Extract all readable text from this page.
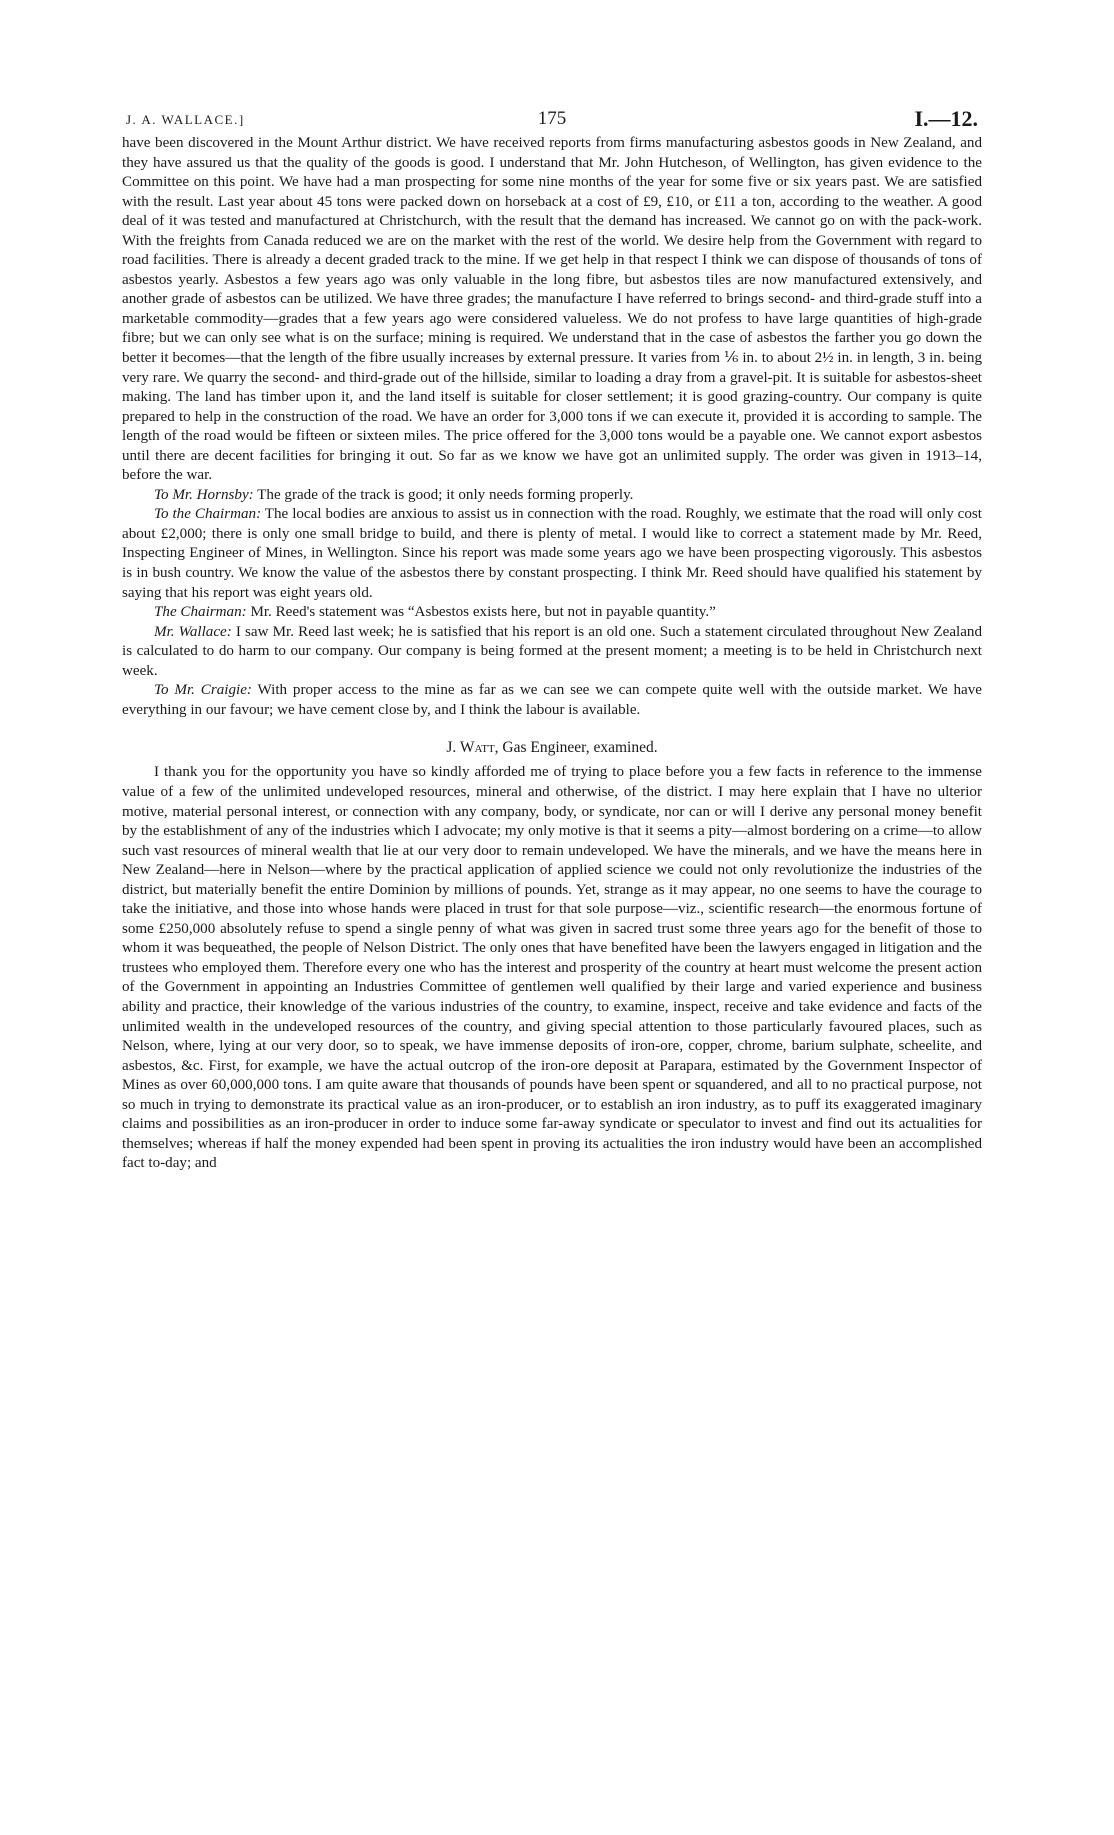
J. A. WALLACE.]	175	I.—12.

have been discovered in the Mount Arthur district. We have received reports from firms manufacturing asbestos goods in New Zealand, and they have assured us that the quality of the goods is good. I understand that Mr. John Hutcheson, of Wellington, has given evidence to the Committee on this point. We have had a man prospecting for some nine months of the year for some five or six years past. We are satisfied with the result. Last year about 45 tons were packed down on horseback at a cost of £9, £10, or £11 a ton, according to the weather. A good deal of it was tested and manufactured at Christchurch, with the result that the demand has increased. We cannot go on with the pack-work. With the freights from Canada reduced we are on the market with the rest of the world. We desire help from the Government with regard to road facilities. There is already a decent graded track to the mine. If we get help in that respect I think we can dispose of thousands of tons of asbestos yearly. Asbestos a few years ago was only valuable in the long fibre, but asbestos tiles are now manufactured extensively, and another grade of asbestos can be utilized. We have three grades; the manufacture I have referred to brings second- and third-grade stuff into a marketable commodity—grades that a few years ago were considered valueless. We do not profess to have large quantities of high-grade fibre; but we can only see what is on the surface; mining is required. We understand that in the case of asbestos the farther you go down the better it becomes—that the length of the fibre usually increases by external pressure. It varies from ⅙ in. to about 2½ in. in length, 3 in. being very rare. We quarry the second- and third-grade out of the hillside, similar to loading a dray from a gravel-pit. It is suitable for asbestos-sheet making. The land has timber upon it, and the land itself is suitable for closer settlement; it is good grazing-country. Our company is quite prepared to help in the construction of the road. We have an order for 3,000 tons if we can execute it, provided it is according to sample. The length of the road would be fifteen or sixteen miles. The price offered for the 3,000 tons would be a payable one. We cannot export asbestos until there are decent facilities for bringing it out. So far as we know we have got an unlimited supply. The order was given in 1913–14, before the war.

To Mr. Hornsby: The grade of the track is good; it only needs forming properly.

To the Chairman: The local bodies are anxious to assist us in connection with the road. Roughly, we estimate that the road will only cost about £2,000; there is only one small bridge to build, and there is plenty of metal. I would like to correct a statement made by Mr. Reed, Inspecting Engineer of Mines, in Wellington. Since his report was made some years ago we have been prospecting vigorously. This asbestos is in bush country. We know the value of the asbestos there by constant prospecting. I think Mr. Reed should have qualified his statement by saying that his report was eight years old.

The Chairman: Mr. Reed's statement was “Asbestos exists here, but not in payable quantity.”

Mr. Wallace: I saw Mr. Reed last week; he is satisfied that his report is an old one. Such a statement circulated throughout New Zealand is calculated to do harm to our company. Our company is being formed at the present moment; a meeting is to be held in Christchurch next week.

To Mr. Craigie: With proper access to the mine as far as we can see we can compete quite well with the outside market. We have everything in our favour; we have cement close by, and I think the labour is available.

J. Watt, Gas Engineer, examined.

I thank you for the opportunity you have so kindly afforded me of trying to place before you a few facts in reference to the immense value of a few of the unlimited undeveloped resources, mineral and otherwise, of the district. I may here explain that I have no ulterior motive, material personal interest, or connection with any company, body, or syndicate, nor can or will I derive any personal money benefit by the establishment of any of the industries which I advocate; my only motive is that it seems a pity—almost bordering on a crime—to allow such vast resources of mineral wealth that lie at our very door to remain undeveloped. We have the minerals, and we have the means here in New Zealand—here in Nelson—where by the practical application of applied science we could not only revolutionize the industries of the district, but materially benefit the entire Dominion by millions of pounds. Yet, strange as it may appear, no one seems to have the courage to take the initiative, and those into whose hands were placed in trust for that sole purpose—viz., scientific research—the enormous fortune of some £250,000 absolutely refuse to spend a single penny of what was given in sacred trust some three years ago for the benefit of those to whom it was bequeathed, the people of Nelson District. The only ones that have benefited have been the lawyers engaged in litigation and the trustees who employed them. Therefore every one who has the interest and prosperity of the country at heart must welcome the present action of the Government in appointing an Industries Committee of gentlemen well qualified by their large and varied experience and business ability and practice, their knowledge of the various industries of the country, to examine, inspect, receive and take evidence and facts of the unlimited wealth in the undeveloped resources of the country, and giving special attention to those particularly favoured places, such as Nelson, where, lying at our very door, so to speak, we have immense deposits of iron-ore, copper, chrome, barium sulphate, scheelite, and asbestos, &c. First, for example, we have the actual outcrop of the iron-ore deposit at Parapara, estimated by the Government Inspector of Mines as over 60,000,000 tons. I am quite aware that thousands of pounds have been spent or squandered, and all to no practical purpose, not so much in trying to demonstrate its practical value as an iron-producer, or to establish an iron industry, as to puff its exaggerated imaginary claims and possibilities as an iron-producer in order to induce some far-away syndicate or speculator to invest and find out its actualities for themselves; whereas if half the money expended had been spent in proving its actualities the iron industry would have been an accomplished fact to-day; and
